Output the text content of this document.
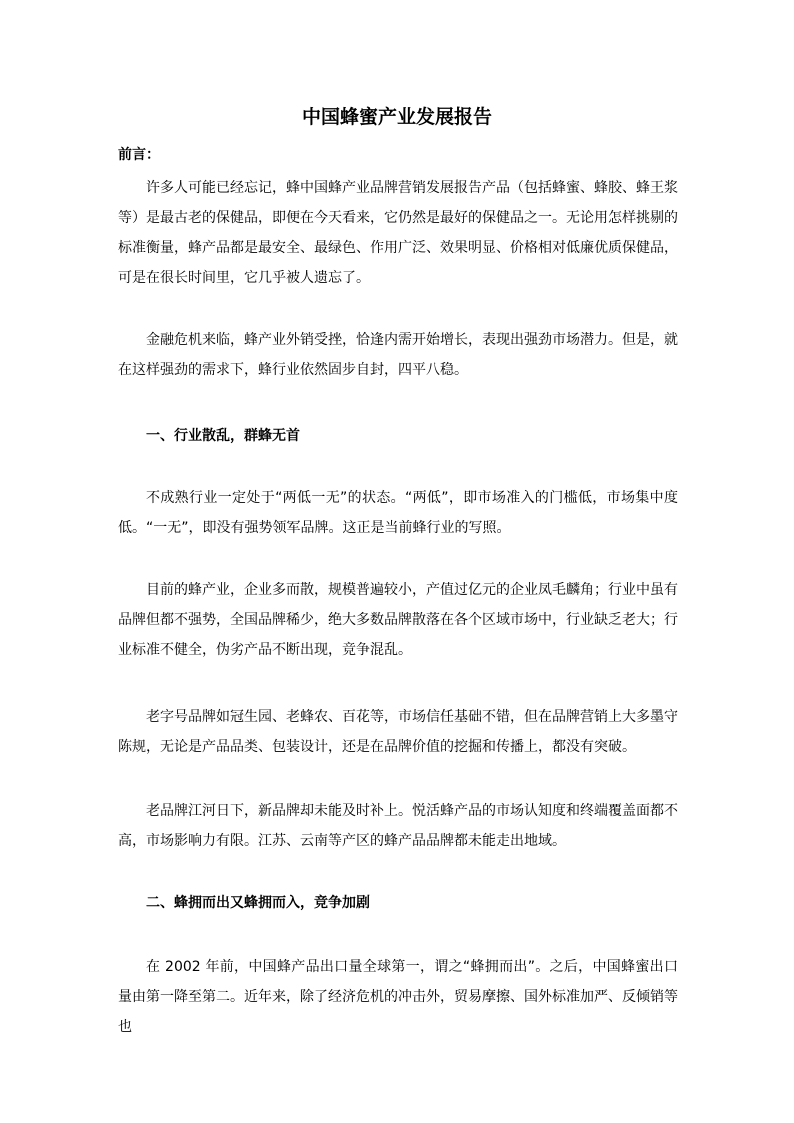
中国蜂蜜产业发展报告
前言：

许多人可能已经忘记，蜂中国蜂产业品牌营销发展报告产品（包括蜂蜜、蜂胶、蜂王浆等）是最古老的保健品，即便在今天看来，它仍然是最好的保健品之一。无论用怎样挑剔的标准衡量，蜂产品都是最安全、最绿色、作用广泛、效果明显、价格相对低廉优质保健品，可是在很长时间里，它几乎被人遗忘了。

金融危机来临，蜂产业外销受挫，恰逢内需开始增长，表现出强劲市场潜力。但是，就在这样强劲的需求下，蜂行业依然固步自封，四平八稳。

一、行业散乱，群蜂无首

不成熟行业一定处于“两低一无”的状态。“两低”，即市场准入的门槛低，市场集中度低。“一无”，即没有强势领军品牌。这正是当前蜂行业的写照。

目前的蜂产业，企业多而散，规模普遍较小，产值过亿元的企业凤毛麟角；行业中虽有品牌但都不强势，全国品牌稀少，绝大多数品牌散落在各个区域市场中，行业缺乏老大；行业标准不健全，伪劣产品不断出现，竞争混乱。

老字号品牌如冠生园、老蜂农、百花等，市场信任基础不错，但在品牌营销上大多墨守陈规，无论是产品品类、包装设计，还是在品牌价值的挖掘和传播上，都没有突破。

老品牌江河日下，新品牌却未能及时补上。悦活蜂产品的市场认知度和终端覆盖面都不高，市场影响力有限。江苏、云南等产区的蜂产品品牌都未能走出地域。

二、蜂拥而出又蜂拥而入，竞争加剧

在 2002 年前，中国蜂产品出口量全球第一，谓之“蜂拥而出”。之后，中国蜂蜜出口量由第一降至第二。近年来，除了经济危机的冲击外，贸易摩擦、国外标准加严、反倾销等也
